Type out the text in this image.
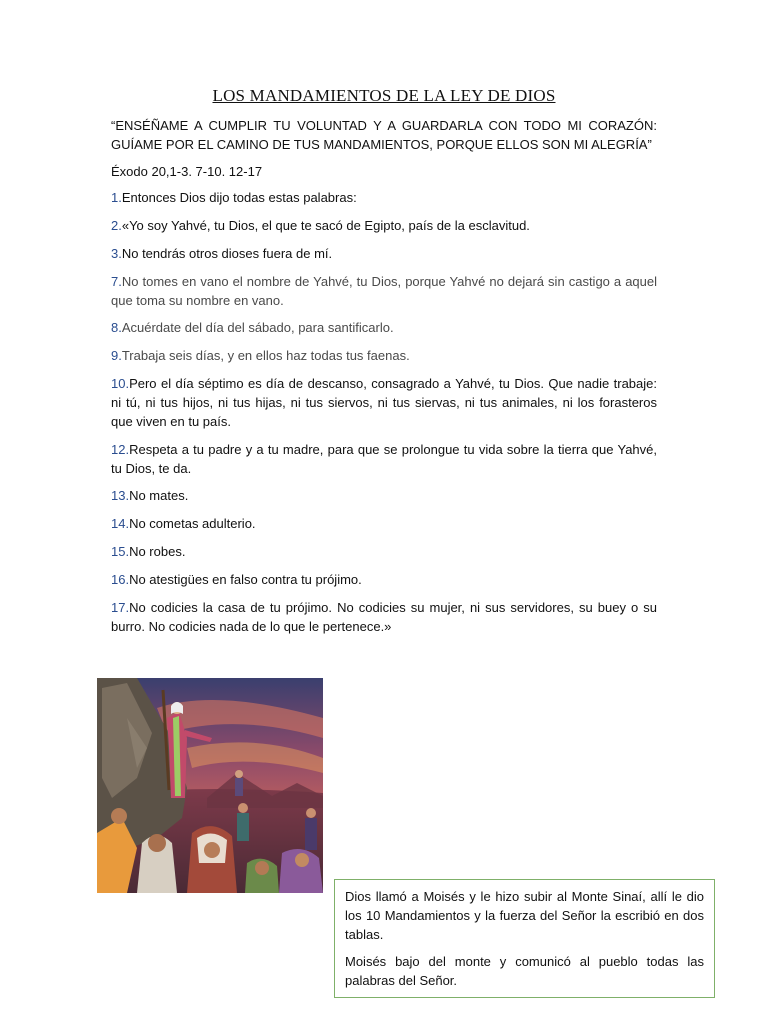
LOS MANDAMIENTOS DE LA LEY DE DIOS

“ENSÉÑAME A CUMPLIR TU VOLUNTAD Y A GUARDARLA CON TODO MI CORAZÓN: GUÍAME POR EL CAMINO DE TUS MANDAMIENTOS, PORQUE ELLOS SON MI ALEGRÍA”

Éxodo 20,1-3. 7-10. 12-17

1.Entonces Dios dijo todas estas palabras:

2.«Yo soy Yahvé, tu Dios, el que te sacó de Egipto, país de la esclavitud.

3.No tendrás otros dioses fuera de mí.

7.No tomes en vano el nombre de Yahvé, tu Dios, porque Yahvé no dejará sin castigo a aquel que toma su nombre en vano.

8.Acuérdate del día del sábado, para santificarlo.

9.Trabaja seis días, y en ellos haz todas tus faenas.

10.Pero el día séptimo es día de descanso, consagrado a Yahvé, tu Dios. Que nadie trabaje: ni tú, ni tus hijos, ni tus hijas, ni tus siervos, ni tus siervas, ni tus animales, ni los forasteros que viven en tu país.

12.Respeta a tu padre y a tu madre, para que se prolongue tu vida sobre la tierra que Yahvé, tu Dios, te da.

13.No mates.

14.No cometas adulterio.

15.No robes.

16.No atestigües en falso contra tu prójimo.

17.No codicies la casa de tu prójimo. No codicies su mujer, ni sus servidores, su buey o su burro. No codicies nada de lo que le pertenece.»

Dios llamó a Moisés y le hizo subir al Monte Sinaí, allí le dio los 10 Mandamientos y la fuerza del Señor la escribió en dos tablas.

Moisés bajo del monte y comunicó al pueblo todas las palabras del Señor.
